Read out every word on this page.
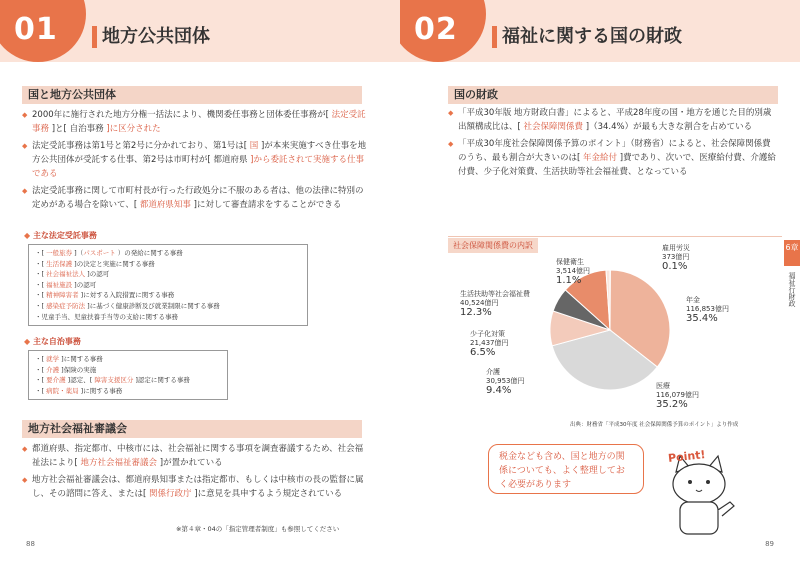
01	地方公共団体
国と地方公共団体

◆ 2000年に施行された地方分権一括法により、機関委任事務と団体委任事務が[ 法定受託事務 ]と[ 自治事務 ]に区分された

◆ 法定受託事務は第1号と第2号に分かれており、第1号は[ 国 ]が本来実施すべき仕事を地方公共団体が受託する仕事、第2号は市町村が[ 都道府県 ]から委託されて実施する仕事である

◆ 法定受託事務に関して市町村長が行った行政処分に不服のある者は、他の法律に特別の定めがある場合を除いて、[ 都道府県知事 ]に対して審査請求をすることができる

◆ 主な法定受託事務
・[ 一般旅券 ]（パスポート ）の発給に関する事務
・[ 生活保護 ]の決定と実施に関する事務
・[ 社会福祉法人 ]の認可
・[ 福祉施設 ]の認可
・[ 精神障害者 ]に対する入院措置に関する事務
・[ 感染症予防法 ]に基づく健康診断及び就業制限に関する事務
・児童手当、児童扶養手当等の支給に関する事務
◆ 主な自治事務
・[ 就学 ]に関する事務
・[ 介護 ]保険の実施
・[ 要介護 ]認定、[ 障害支援区分 ]認定に関する事務
・[ 病院・薬局 ]に関する事務
地方社会福祉審議会

◆ 都道府県、指定都市、中核市には、社会福祉に関する事項を調査審議するため、社会福祉法により[ 地方社会福祉審議会 ]が置かれている

◆ 地方社会福祉審議会は、都道府県知事または指定都市、もしくは中核市の長の監督に属し、その諮問に答え、または[ 関係行政庁 ]に意見を具申するよう規定されている

※第４章・04の「指定管理者制度」も参照してください
88
02	福祉に関する国の財政
国の財政

◆ 「平成30年版 地方財政白書」によると、平成28年度の国・地方を通じた目的別歳出額構成比は、[ 社会保障関係費 ]（34.4%）が最も大きな割合を占めている

◆ 「平成30年度社会保障関係予算のポイント」（財務省）によると、社会保障関係費のうち、最も割合が大きいのは[ 年金給付 ]費であり、次いで、医療給付費、介護給付費、少子化対策費、生活扶助等社会福祉費、となっている

社会保障関係費の内訳
保健衛生
3,514億円
1.1%
生活扶助等社会福祉費
40,524億円
12.3%
少子化対策
21,437億円
6.5%
介護
30,953億円
9.4%	医療
116,079億円
35.2%
年金
116,853億円
35.4%
雇用労災
373億円
0.1%
出典：財務省「平成30年度 社会保障関係予算のポイント」より作成
税金なども含め、国と地方の関係についても、よく整理しておく必要があります
Point!
6章
福祉行財政
89
